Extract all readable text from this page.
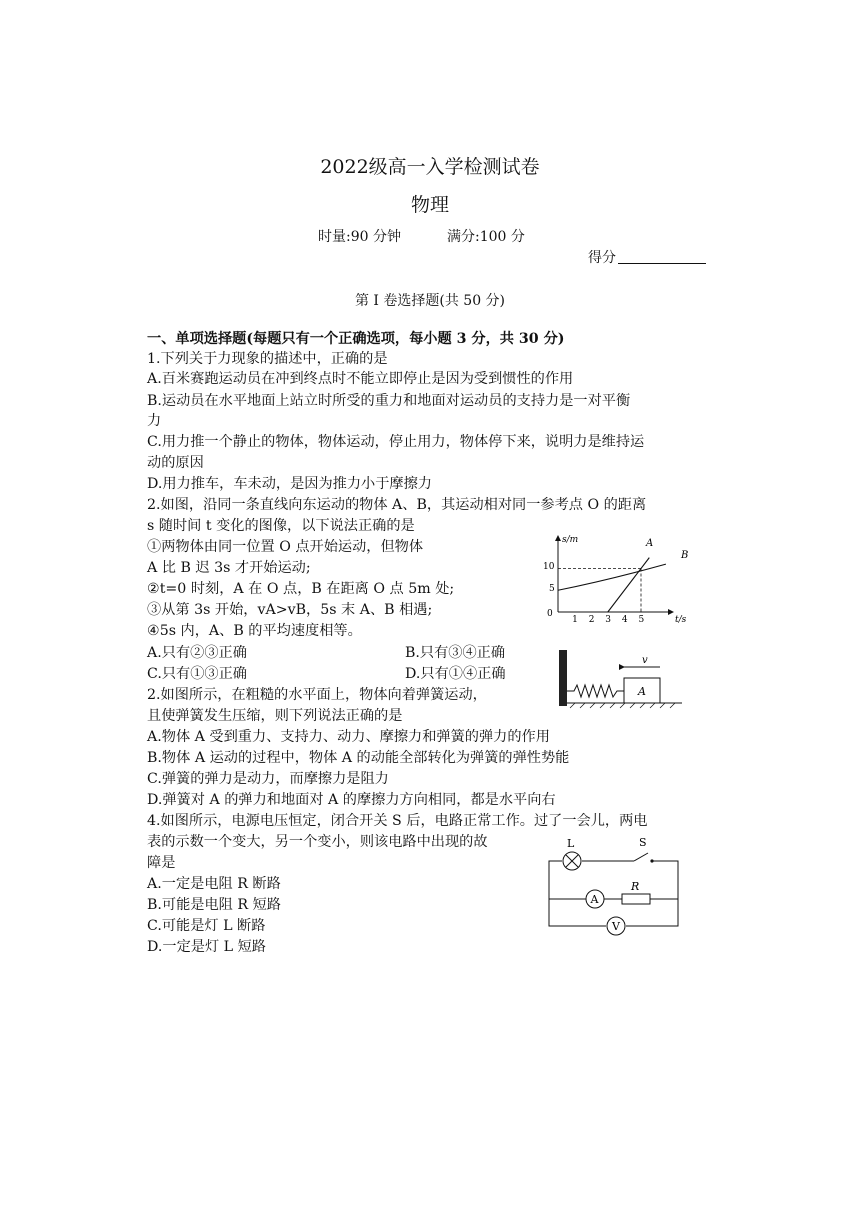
2022级高一入学检测试卷
物理
时量:90 分钟	满分:100 分
得分
第 I 卷选择题(共 50 分)
一、单项选择题(每题只有一个正确选项，每小题 3 分，共 30 分)
1.下列关于力现象的描述中，正确的是
A.百米赛跑运动员在冲到终点时不能立即停止是因为受到惯性的作用
B.运动员在水平地面上站立时所受的重力和地面对运动员的支持力是一对平衡
力
C.用力推一个静止的物体，物体运动，停止用力，物体停下来，说明力是维持运
动的原因
D.用力推车，车未动，是因为推力小于摩擦力
2.如图，沿同一条直线向东运动的物体 A、B，其运动相对同一参考点 O 的距离
s 随时间 t 变化的图像，以下说法正确的是
①两物体由同一位置 O 点开始运动，但物体
A 比 B 迟 3s 才开始运动;
②t=0 时刻，A 在 O 点，B 在距离 O 点 5m 处;
③从第 3s 开始，vA>vB，5s 末 A、B 相遇;
④5s 内，A、B 的平均速度相等。
A.只有②③正确	B.只有③④正确
C.只有①③正确	D.只有①④正确
2.如图所示，在粗糙的水平面上，物体向着弹簧运动，
且使弹簧发生压缩，则下列说法正确的是
A.物体 A 受到重力、支持力、动力、摩擦力和弹簧的弹力的作用
B.物体 A 运动的过程中，物体 A 的动能全部转化为弹簧的弹性势能
C.弹簧的弹力是动力，而摩擦力是阻力
D.弹簧对 A 的弹力和地面对 A 的摩擦力方向相同，都是水平向右
4.如图所示，电源电压恒定，闭合开关 S 后，电路正常工作。过了一会儿，两电
表的示数一个变大，另一个变小，则该电路中出现的故
障是
A.一定是电阻 R 断路
B.可能是电阻 R 短路
C.可能是灯 L 断路
D.一定是灯 L 短路
s/m
t/s
0
5
10
1 2 3 4 5
A
B
A
v
S
L
A
R
V
